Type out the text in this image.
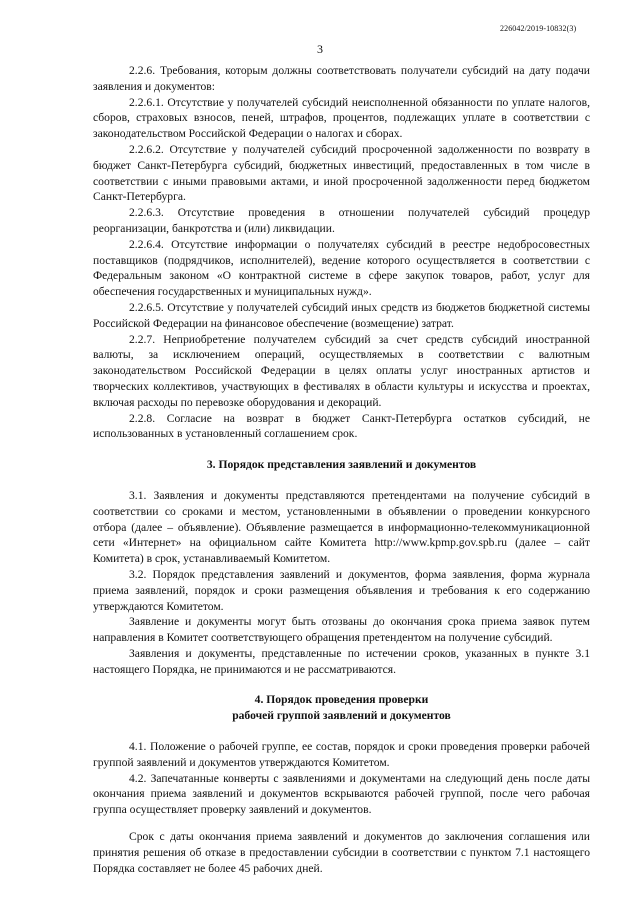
226042/2019-10832(3)
3

2.2.6. Требования, которым должны соответствовать получатели субсидий на дату подачи заявления и документов:

2.2.6.1. Отсутствие у получателей субсидий неисполненной обязанности по уплате налогов, сборов, страховых взносов, пеней, штрафов, процентов, подлежащих уплате в соответствии с законодательством Российской Федерации о налогах и сборах.

2.2.6.2. Отсутствие у получателей субсидий просроченной задолженности по возврату в бюджет Санкт-Петербурга субсидий, бюджетных инвестиций, предоставленных в том числе в соответствии с иными правовыми актами, и иной просроченной задолженности перед бюджетом Санкт-Петербурга.

2.2.6.3. Отсутствие проведения в отношении получателей субсидий процедур реорганизации, банкротства и (или) ликвидации.

2.2.6.4. Отсутствие информации о получателях субсидий в реестре недобросовестных поставщиков (подрядчиков, исполнителей), ведение которого осуществляется в соответствии с Федеральным законом «О контрактной системе в сфере закупок товаров, работ, услуг для обеспечения государственных и муниципальных нужд».

2.2.6.5. Отсутствие у получателей субсидий иных средств из бюджетов бюджетной системы Российской Федерации на финансовое обеспечение (возмещение) затрат.

2.2.7. Неприобретение получателем субсидий за счет средств субсидий иностранной валюты, за исключением операций, осуществляемых в соответствии с валютным законодательством Российской Федерации в целях оплаты услуг иностранных артистов и творческих коллективов, участвующих в фестивалях в области культуры и искусства и проектах, включая расходы по перевозке оборудования и декораций.

2.2.8. Согласие на возврат в бюджет Санкт-Петербурга остатков субсидий, не использованных в установленный соглашением срок.

3. Порядок представления заявлений и документов

3.1. Заявления и документы представляются претендентами на получение субсидий в соответствии со сроками и местом, установленными в объявлении о проведении конкурсного отбора (далее – объявление). Объявление размещается в информационно-телекоммуникационной сети «Интернет» на официальном сайте Комитета http://www.kpmp.gov.spb.ru (далее – сайт Комитета) в срок, устанавливаемый Комитетом.

3.2. Порядок представления заявлений и документов, форма заявления, форма журнала приема заявлений, порядок и сроки размещения объявления и требования к его содержанию утверждаются Комитетом.

Заявление и документы могут быть отозваны до окончания срока приема заявок путем направления в Комитет соответствующего обращения претендентом на получение субсидий.

Заявления и документы, представленные по истечении сроков, указанных в пункте 3.1 настоящего Порядка, не принимаются и не рассматриваются.

4. Порядок проведения проверки

рабочей группой заявлений и документов

4.1. Положение о рабочей группе, ее состав, порядок и сроки проведения проверки рабочей группой заявлений и документов утверждаются Комитетом.

4.2. Запечатанные конверты с заявлениями и документами на следующий день после даты окончания приема заявлений и документов вскрываются рабочей группой, после чего рабочая группа осуществляет проверку заявлений и документов.

Срок с даты окончания приема заявлений и документов до заключения соглашения или принятия решения об отказе в предоставлении субсидии в соответствии с пунктом 7.1 настоящего Порядка составляет не более 45 рабочих дней.
